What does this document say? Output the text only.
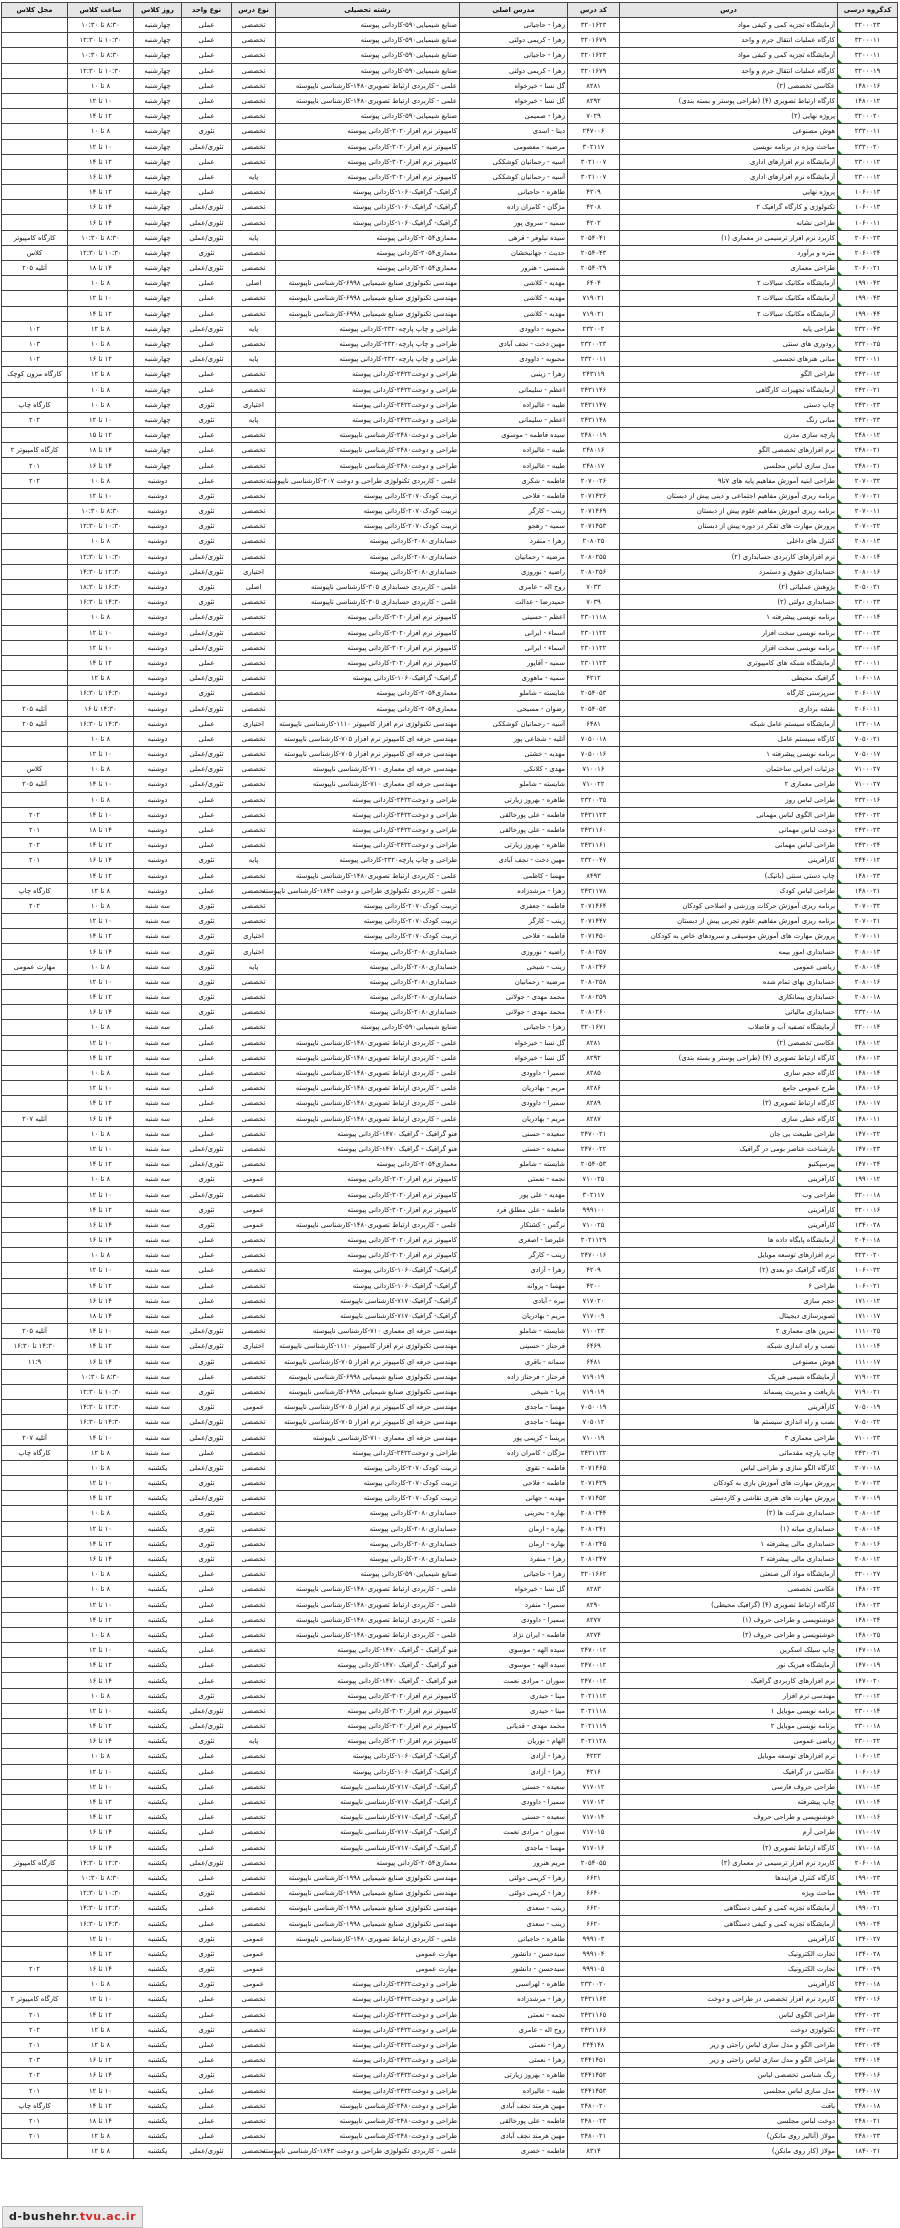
کدگروه درسی	درس	کد درس	مدرس اصلی	رشته تحصیلی	نوع درس	نوع واحد	روز کلاس	ساعت کلاس	محل کلاس
۳۲۰۰۰۲۳	آزمایشگاه تجزیه کمی و کیفی مواد	۳۲۰۱۶۲۳	زهرا - حاجیانی	صنایع شیمیایی۵۹۰-کاردانی پیوسته	تخصصی	عملی	چهارشنبه	۸:۳۰ تا ۱۰:۳۰	
۳۲۰۰۰۱۱	کارگاه عملیات انتقال جرم و واحد	۳۲۰۱۶۷۹	زهرا - کریمی دولتی	صنایع شیمیایی۵۹۰-کاردانی پیوسته	تخصصی	عملی	چهارشنبه	۱۰:۳۰ تا ۱۲:۳۰	
۳۲۰۰۰۱۱	آزمایشگاه تجزیه کمی و کیفی مواد	۳۲۰۱۶۲۳	زهرا - حاجیانی	صنایع شیمیایی۵۹۰-کاردانی پیوسته	تخصصی	عملی	چهارشنبه	۸:۳۰ تا ۱۰:۳۰	
۳۲۰۰۰۱۹	کارگاه عملیات انتقال جرم و واحد	۳۲۰۱۶۷۹	زهرا - کریمی دولتی	صنایع شیمیایی۵۹۰-کاردانی پیوسته	تخصصی	عملی	چهارشنبه	۱۰:۳۰ تا ۱۲:۳۰	
۱۴۸۰۰۱۶	عکاسی تخصصی (۲)	۸۲۸۱	گل نسا - خیرخواه	علمی - کاربردی ارتباط تصویری۱۴۸۰-کارشناسی ناپیوسته	تخصصی	عملی	چهارشنبه	۸ تا ۱۰	
۱۴۸۰۰۱۲	کارگاه ارتباط تصویری (۴) (طراحی پوستر و بسته بندی)	۸۲۹۲	گل نسا - خیرخواه	علمی - کاربردی ارتباط تصویری۱۴۸۰-کارشناسی ناپیوسته	تخصصی	عملی	چهارشنبه	۱۰ تا ۱۲	
۳۲۰۰۰۲۰	پروژه نهایی (۲)	۷۰۲۹	زهرا - صمیمی	صنایع شیمیایی۵۹۰-کاردانی پیوسته	تخصصی	عملی	چهارشنبه	۱۲ تا ۱۴	
۲۳۳۰۰۱۱	هوش مصنوعی	۲۴۷۰۰۶	دینا - اسدی	کامپیوتر نرم افزار۳۰۲۰-کاردانی پیوسته	تخصصی	تئوری	چهارشنبه	۸ تا ۱۰	
۲۳۳۰۰۲۰	مباحث ویژه در برنامه نویسی	۳۰۲۱۱۷	مرضیه - معصومی	کامپیوتر نرم افزار۳۰۲۰-کاردانی پیوسته	تخصصی	تئوری/عملی	چهارشنبه	۱۰ تا ۱۲	
۲۳۰۰۰۱۲	آزمایشگاه نرم افزارهای اداری	۳۰۲۱۰۰۷	آسیه - رحمانیان کوشککی	کامپیوتر نرم افزار۳۰۲۰-کاردانی پیوسته	تخصصی	عملی	چهارشنبه	۱۲ تا ۱۴	
۲۳۰۰۰۱۲	آزمایشگاه نرم افزارهای اداری	۳۰۲۱۰۰۷	آسیه - رحمانیان کوشککی	کامپیوتر نرم افزار۳۰۲۰-کاردانی پیوسته	پایه	عملی	چهارشنبه	۱۴ تا ۱۶	
۱۰۶۰۰۱۳	پروژه نهایی	۴۲۰۹	طاهره - حاجیانی	گرافیک- گرافیک۱۰۶۰-کاردانی پیوسته	تخصصی	عملی	چهارشنبه	۱۲ تا ۱۴	
۱۰۶۰۰۱۳	تکنولوژی و کارگاه گرافیک ۲	۴۲۰۸	مژگان - کامران زاده	گرافیک- گرافیک۱۰۶۰-کاردانی پیوسته	تخصصی	تئوری/عملی	چهارشنبه	۱۴ تا ۱۶	
۱۰۶۰۰۱۱	طراحی نشانه	۴۲۰۲	سمیه - سروی پور	گرافیک- گرافیک۱۰۶۰-کاردانی پیوسته	تخصصی	تئوری/عملی	چهارشنبه	۱۴ تا ۱۶	
۲۰۶۰۰۲۳	کاربرد نرم افزار ترسیمی در معماری (۱)	۲۰۵۴۰۴۱	سیده نیلوفر - قرهی	معماری۲۰۵۴-کاردانی پیوسته	پایه	تئوری/عملی	چهارشنبه	۸:۳۰ تا ۱۰:۳۰	کارگاه کامپیوتر
۲۰۶۰۰۲۴	متره و برآورد	۲۰۵۴۰۴۳	حدیث - جهانبخشان	معماری۲۰۵۴-کاردانی پیوسته	تخصصی	تئوری	چهارشنبه	۱۰:۳۰ تا ۱۲:۳۰	کلاس
۲۰۶۰۰۲۱	طراحی معماری	۲۰۵۴۰۲۹	شمسی - هنرور	معماری۲۰۵۴-کاردانی پیوسته	تخصصی	تئوری/عملی	چهارشنبه	۱۴ تا ۱۸	آتلیه ۲۰۵
۱۹۹۰۰۴۲	آزمایشگاه مکانیک سیالات ۲	۶۴۰۴	مهدیه - کلاشی	مهندسی تکنولوژی صنایع شیمیایی ۶۹۹۸-کارشناسی ناپیوسته	اصلی	عملی	چهارشنبه	۸ تا ۱۰	
۱۹۹۰۰۴۳	آزمایشگاه مکانیک سیالات ۲	۷۱۹۰۲۱	مهدیه - کلاشی	مهندسی تکنولوژی صنایع شیمیایی ۶۹۹۸-کارشناسی ناپیوسته	تخصصی	عملی	چهارشنبه	۱۰ تا ۱۲	
۱۹۹۰۰۴۴	آزمایشگاه مکانیک سیالات ۲	۷۱۹۰۲۱	مهدیه - کلاشی	مهندسی تکنولوژی صنایع شیمیایی ۶۹۹۸-کارشناسی ناپیوسته	تخصصی	عملی	چهارشنبه	۱۲ تا ۱۴	
۲۳۲۰۰۴۳	طراحی پایه	۲۳۲۰۰۲	محبوبه - داوودی	طراحی و چاپ پارچه۲۳۲۰-کاردانی پیوسته	پایه	تئوری/عملی	چهارشنبه	۸ تا ۱۲	۱۰۲
۲۳۲۰۰۲۵	رودوزی های سنتی	۲۳۲۰۰۲۳	مهین دخت - نجف آبادی	طراحی و چاپ پارچه۲۳۲۰-کاردانی پیوسته	تخصصی	عملی	چهارشنبه	۸ تا ۱۰	۱۰۳
۲۳۲۰۰۱۱	مبانی هنرهای تجسمی	۲۳۲۰۰۱۱	محبوبه - داوودی	طراحی و چاپ پارچه۲۳۲۰-کاردانی پیوسته	پایه	تئوری/عملی	چهارشنبه	۱۲ تا ۱۶	۱۰۲
۲۴۳۰۰۱۲	طراحی الگو	۲۴۳۱۱۹	زهرا - زینبی	طراحی و دوخت۲۴۳۲-کاردانی پیوسته	تخصصی	عملی	چهارشنبه	۸ تا ۱۲	کارگاه مزون کوچک
۲۴۲۰۰۲۱	آزمایشگاه تجهیزات کارگاهی	۲۴۳۱۱۴۶	اعظم - سلیمانی	طراحی و دوخت۲۴۳۲-کاردانی پیوسته	تخصصی	عملی	چهارشنبه	۸ تا ۱۰	
۲۴۳۰۰۲۳	چاپ دستی	۲۴۳۱۱۴۷	طیبه - عالیزاده	طراحی و دوخت۲۴۳۲-کاردانی پیوسته	اختیاری	تئوری	چهارشنبه	۸ تا ۱۰	کارگاه چاپ
۲۴۳۰۰۲۳	مبانی رنگ	۲۴۳۱۱۴۸	اعظم - سلیمانی	طراحی و دوخت۲۴۳۲-کاردانی پیوسته	پایه	تئوری	چهارشنبه	۱۰ تا ۱۲	۲۰۲
۲۴۸۰۰۱۲	پارچه سازی مدرن	۲۴۸۰۰۱۹	سیده فاطمه - موسوی	طراحی و دوخت۲۴۸۰-کارشناسی ناپیوسته	تخصصی	عملی	چهارشنبه	۱۲ تا ۱۵	
۲۴۸۰۰۲۱	نرم افزارهای تخصصی الگو	۲۴۸۰۱۶	طیبه - عالیزاده	طراحی و دوخت۲۴۸۰-کارشناسی ناپیوسته	تخصصی	عملی	چهارشنبه	۱۴ تا ۱۸	کارگاه کامپیوتر ۲
۲۴۸۰۰۲۱	مدل سازی لباس مجلسی	۲۴۸۰۱۷	طیبه - عالیزاده	طراحی و دوخت۲۴۸۰-کارشناسی ناپیوسته	تخصصی	عملی	چهارشنبه	۱۴ تا ۱۶	۲۰۱
۲۰۷۰۰۳۲	طراحی ابنیه آموزش مفاهیم پایه های ۷تا۹	۲۰۷۰۰۲۶	فاطمه - شکری	علمی - کاربردی تکنولوژی طراحی و دوخت ۲۰۷-کارشناسی ناپیوسته	تخصصی	عملی	دوشنبه	۸ تا ۱۰	۲۰۲
۲۰۷۰۰۲۱	برنامه ریزی آموزش مفاهیم اجتماعی و دینی پیش از دبستان	۲۰۷۱۴۳۶	فاطمه - فلاحی	تربیت کودک۲۰۷۰-کاردانی پیوسته	تخصصی	تئوری	دوشنبه	۱۰ تا ۱۲	
۲۰۷۰۰۱۱	برنامه ریزی آموزش مفاهیم علوم پیش از دبستان	۲۰۷۱۴۶۹	زینب - کارگر	تربیت کودک۲۰۷۰-کاردانی پیوسته	تخصصی	تئوری	دوشنبه	۸:۳۰ تا ۱۰:۳۰	
۲۰۷۰۰۲۲	پرورش مهارت های تفکر در دوره پیش از دبستان	۲۰۷۱۴۵۳	سمیه - رهجو	تربیت کودک۲۰۷۰-کاردانی پیوسته	تخصصی	تئوری	دوشنبه	۱۰:۳۰ تا ۱۲:۳۰	
۲۰۸۰۰۱۳	کنترل های داخلی	۲۰۸۰۲۵	زهرا - منفرد	حسابداری۲۰۸۰-کاردانی پیوسته	تخصصی	تئوری	دوشنبه	۸ تا ۱۰	
۲۰۸۰۰۱۴	نرم افزارهای کاربردی حسابداری (۲)	۲۰۸۰۲۵۵	مرضیه - رحمانیان	حسابداری۲۰۸۰-کاردانی پیوسته	تخصصی	تئوری/عملی	دوشنبه	۱۰:۳۰ تا ۱۲:۳۰	
۲۰۸۰۰۱۶	حسابداری حقوق و دستمزد	۲۰۸۰۲۵۶	راضیه - نوروزی	حسابداری۲۰۸۰-کاردانی پیوسته	اختیاری	تئوری/عملی	دوشنبه	۱۲:۳۰ تا ۱۴:۳۰	
۳۰۵۰۰۳۱	پژوهش عملیاتی (۲)	۷۰۳۳	روح اله - عامری	علمی - کاربردی حسابداری ۳۰۵-کارشناسی ناپیوسته	اصلی	تئوری	دوشنبه	۱۶:۳۰ تا ۱۸:۳۰	
۲۳۰۰۰۲۳	حسابداری دولتی (۲)	۷۰۳۹	حمیدرضا - عدالت	علمی - کاربردی حسابداری ۳۰۵-کارشناسی ناپیوسته	تخصصی	تئوری	دوشنبه	۱۴:۳۰ تا ۱۶:۳۰	
۲۳۰۰۰۱۴	برنامه نویسی پیشرفته ۱	۲۳۰۱۱۱۸	اعظم - حسینی	کامپیوتر نرم افزار۳۰۲۰-کاردانی پیوسته	تخصصی	تئوری/عملی	دوشنبه	۸ تا ۱۰	
۲۳۰۰۰۲۲	برنامه نویسی سخت افزار	۲۳۰۱۱۲۲	اسماء - ایرانی	کامپیوتر نرم افزار۳۰۲۰-کاردانی پیوسته	تخصصی	تئوری/عملی	دوشنبه	۱۰ تا ۱۲	
۲۳۰۰۰۱۳	برنامه نویسی سخت افزار	۲۳۰۱۱۲۲	اسماء - ایرانی	کامپیوتر نرم افزار۳۰۲۰-کاردانی پیوسته	تخصصی	تئوری/عملی	دوشنبه	۱۰ تا ۱۲	
۲۳۰۰۰۱۱	آزمایشگاه شبکه های کامپیوتری	۲۳۰۱۱۲۳	سمیه - آقاپور	کامپیوتر نرم افزار۳۰۲۰-کاردانی پیوسته	تخصصی	عملی	دوشنبه	۱۲ تا ۱۴	
۱۰۶۰۰۱۸	گرافیک محیطی	۴۲۱۲	سمیه - ماهوری	گرافیک- گرافیک۱۰۶۰-کاردانی پیوسته	تخصصی	تئوری/عملی	دوشنبه	۸ تا ۱۲	
۲۰۶۰۰۱۷	سرپرستی کارگاه	۲۰۵۴۰۵۳	شایسته - شاملو	معماری۲۰۵۴-کاردانی پیوسته	تخصصی	تئوری	دوشنبه	۱۴:۳۰ تا ۱۶:۳۰	
۲۰۶۰۰۱۱	نقشه برداری	۲۰۵۴۰۵۳	رضوان - مسیحی	معماری۲۰۵۴-کاردانی پیوسته	تخصصی	تئوری/عملی	دوشنبه	۱۴:۳۰ تا ۱۶	آتلیه ۲۰۵
۱۲۳۰۰۱۸	آزمایشگاه سیستم عامل شبکه	۶۴۸۱	آسیه - رحمانیان کوشککی	مهندسی تکنولوژی نرم افزار کامپیوتر ۱۱۱۰-کارشناسی ناپیوسته	اختیاری	عملی	دوشنبه	۱۴:۳۰ تا ۱۶:۳۰	آتلیه ۲۰۵
۷۰۵۰۰۲۱	کارگاه سیستم عامل	۷۰۵۰۰۱۸	آتلیه - شجاعی پور	مهندسی حرفه ای کامپیوتر نرم افزار ۷۰۵-کارشناسی ناپیوسته	تخصصی	عملی	دوشنبه	۸ تا ۱۰	
۷۰۵۰۰۱۷	برنامه نویسی پیشرفته ۱	۷۰۵۰۰۱۶	مهدیه - خشتی	مهندسی حرفه ای کامپیوتر نرم افزار ۷۰۵-کارشناسی ناپیوسته	تخصصی	تئوری/عملی	دوشنبه	۱۰ تا ۱۲	
۷۱۰۰۰۲۷	جزئیات اجرایی ساختمان	۷۱۰۰۱۶	مهدی - کلانکی	مهندسی حرفه ای معماری ۷۱۰-کارشناسی ناپیوسته	تخصصی	تئوری/عملی	دوشنبه	۸ تا ۱۰	کلاس
۷۱۰۰۰۲۷	طراحی معماری ۲	۷۱۰۰۲۲	شایسته - شاملو	مهندسی حرفه ای معماری ۷۱۰-کارشناسی ناپیوسته	تخصصی	تئوری/عملی	دوشنبه	۱۰ تا ۱۴	آتلیه ۲۰۵
۲۳۲۰۰۱۶	طراحی لباس روز	۲۳۲۰۰۳۵	طاهره - بهروز زیارتی	طراحی و دوخت۲۴۳۲-کاردانی پیوسته	تخصصی	عملی	دوشنبه	۸ تا ۱۰	
۲۴۳۰۰۲۲	طراحی الگوی لباس مهمانی	۲۴۳۱۱۲۳	فاطمه - علی پورخالقی	طراحی و دوخت۲۴۳۲-کاردانی پیوسته	تخصصی	عملی	دوشنبه	۱۰ تا ۱۴	۲۰۲
۲۴۳۰۰۲۳	دوخت لباس مهمانی	۲۴۳۱۱۶۰	فاطمه - علی پورخالقی	طراحی و دوخت۲۴۳۲-کاردانی پیوسته	تخصصی	عملی	دوشنبه	۱۴ تا ۱۸	۲۰۱
۲۴۳۰۰۲۴	طراحی لباس مهمانی	۲۴۳۱۱۶۱	طاهره - بهروز زیارتی	طراحی و دوخت۲۴۳۲-کاردانی پیوسته	تخصصی	عملی	دوشنبه	۱۲ تا ۱۴	۲۰۲
۲۴۴۰۰۱۲	کارآفرینی	۲۳۲۰۰۴۷	مهین دخت - نجف آبادی	طراحی و چاپ پارچه۲۳۲۰-کاردانی پیوسته	پایه	تئوری	دوشنبه	۱۴ تا ۱۶	۲۰۱
۱۴۸۰۰۲۳	چاپ دستی سنتی (باتیک)	۸۴۹۳	مهسا - کاظمی	علمی - کاربردی ارتباط تصویری۱۴۸۰-کارشناسی ناپیوسته	تخصصی	عملی	دوشنبه	۱۲ تا ۱۴	
۱۴۸۰۰۲۱	طراحی لباس کودک	۲۴۳۱۱۷۸	زهرا - مرشدزاده	علمی - کاربردی تکنولوژی طراحی و دوخت ۱۸۴۳-کارشناسی ناپیوسته	تخصصی	عملی	دوشنبه	۸ تا ۱۲	کارگاه چاپ
۲۰۷۰۰۳۲	برنامه ریزی آموزش حرکات ورزشی و اصلاحی کودکان	۲۰۷۱۴۶۴	فاطمه - جعفری	تربیت کودک۲۰۷۰-کاردانی پیوسته	تخصصی	تئوری	سه شنبه	۸ تا ۱۰	۲۰۲
۲۰۷۰۰۲۱	برنامه ریزی آموزش مفاهیم علوم تجربی پیش از دبستان	۲۰۷۱۴۴۷	زینب - کارگر	تربیت کودک۲۰۷۰-کاردانی پیوسته	تخصصی	تئوری	سه شنبه	۱۰ تا ۱۲	
۲۰۷۰۰۱۱	پرورش مهارت های آموزش موسیقی و سرودهای خاص به کودکان	۲۰۷۱۴۵۰	فاطمه - فلاحی	تربیت کودک۲۰۷۰-کاردانی پیوسته	اختیاری	تئوری	سه شنبه	۱۲ تا ۱۴	
۲۰۸۰۰۱۳	حسابداری امور بیمه	۲۰۸۰۲۵۷	راضیه - نوروزی	حسابداری۲۰۸۰-کاردانی پیوسته	اختیاری	تئوری	سه شنبه	۱۴ تا ۱۶	
۲۰۸۰۰۱۴	ریاضی عمومی	۲۰۸۰۲۴۶	زینب - شیخی	حسابداری۲۰۸۰-کاردانی پیوسته	پایه	تئوری	سه شنبه	۸ تا ۱۰	مهارت عمومی
۲۰۸۰۰۱۶	حسابداری بهای تمام شده	۲۰۸۰۲۵۸	مرضیه - رحمانیان	حسابداری۲۰۸۰-کاردانی پیوسته	تخصصی	تئوری	سه شنبه	۱۰ تا ۱۲	
۲۰۸۰۰۱۸	حسابداری پیمانکاری	۲۰۸۰۲۵۹	محمد مهدی - جولانی	حسابداری۲۰۸۰-کاردانی پیوسته	تخصصی	تئوری	سه شنبه	۱۲ تا ۱۴	
۲۳۲۰۰۱۸	حسابداری مالیاتی	۲۰۸۰۲۶۰	محمد مهدی - جولانی	حسابداری۲۰۸۰-کاردانی پیوسته	تخصصی	تئوری	سه شنبه	۱۴ تا ۱۶	
۳۲۰۰۰۱۴	آزمایشگاه تصفیه آب و فاضلاب	۳۲۰۱۶۷۱	زهرا - حاجیانی	صنایع شیمیایی۵۹۰-کاردانی پیوسته	تخصصی	عملی	سه شنبه	۸ تا ۱۰	
۱۴۸۰۰۱۲	عکاسی تخصصی (۲)	۸۲۸۱	گل نسا - خیرخواه	علمی - کاربردی ارتباط تصویری۱۴۸۰-کارشناسی ناپیوسته	تخصصی	عملی	سه شنبه	۱۰ تا ۱۲	
۱۴۸۰۰۱۳	کارگاه ارتباط تصویری (۴) (طراحی پوستر و بسته بندی)	۸۲۹۲	گل نسا - خیرخواه	علمی - کاربردی ارتباط تصویری۱۴۸۰-کارشناسی ناپیوسته	تخصصی	عملی	سه شنبه	۱۲ تا ۱۴	
۱۴۸۰۰۱۴	کارگاه حجم سازی	۸۲۸۵	سمیرا - داوودی	علمی - کاربردی ارتباط تصویری۱۴۸۰-کارشناسی ناپیوسته	تخصصی	عملی	سه شنبه	۸ تا ۱۰	
۱۴۸۰۰۱۶	طرح عمومی جامع	۸۲۸۶	مریم - بهادریان	علمی - کاربردی ارتباط تصویری۱۴۸۰-کارشناسی ناپیوسته	تخصصی	عملی	سه شنبه	۱۰ تا ۱۲	
۱۴۸۰۰۱۷	کارگاه ارتباط تصویری (۳)	۸۲۸۹	سمیرا - داوودی	علمی - کاربردی ارتباط تصویری۱۴۸۰-کارشناسی ناپیوسته	تخصصی	عملی	سه شنبه	۱۲ تا ۱۴	
۱۴۸۰۰۱۱	کارگاه خطی سازی	۸۲۸۷	مریم - بهادریان	علمی - کاربردی ارتباط تصویری۱۴۸۰-کارشناسی ناپیوسته	تخصصی	عملی	سه شنبه	۱۴ تا ۱۶	آتلیه ۲۰۷
۱۴۷۰۰۲۲	طراحی طبیعت بی جان	۲۴۷۰۰۲۱	سعیده - حسنی	فنو گرافیک - گرافیک ۱۴۷۰-کاردانی پیوسته	تخصصی	عملی	سه شنبه	۸ تا ۱۰	
۱۴۷۰۰۲۳	بازشناخت عناصر بومی در گرافیک	۲۴۷۰۰۲۲	سعیده - حسنی	فنو گرافیک - گرافیک ۱۴۷۰-کاردانی پیوسته	تخصصی	تئوری/عملی	سه شنبه	۱۰ تا ۱۲	
۱۴۷۰۰۲۴	پیرسپکتیو	۲۰۵۴۰۵۳	شایسته - شاملو	معماری۲۰۵۴-کاردانی پیوسته	تخصصی	تئوری/عملی	سه شنبه	۱۲ تا ۱۴	
۱۹۹۰۰۱۲	کارآفرینی	۷۱۰۰۲۵	نجمه - نعمتی	کامپیوتر نرم افزار۳۰۲۰-کاردانی پیوسته	عمومی	تئوری	سه شنبه	۸ تا ۱۰	
۳۲۰۰۰۱۸	طراحی وب	۳۰۲۱۱۷	مهدیه - علی پور	کامپیوتر نرم افزار۳۰۲۰-کاردانی پیوسته	تخصصی	تئوری/عملی	سه شنبه	۱۰ تا ۱۲	
۳۲۰۰۰۱۶	کارآفرینی	۹۹۹۱۰۰	فاطمه - علی مطلق فرد	کامپیوتر نرم افزار۳۰۲۰-کاردانی پیوسته	عمومی	تئوری	سه شنبه	۱۲ تا ۱۴	
۱۳۴۰۰۲۸	کارآفرینی	۷۱۰۰۲۵	نرگس - کشتکار	علمی - کاربردی ارتباط تصویری۱۴۸۰-کارشناسی ناپیوسته	عمومی	تئوری	سه شنبه	۱۴ تا ۱۶	
۲۰۴۰۰۱۸	آزمایشگاه پایگاه داده ها	۳۰۲۱۱۲۹	علیرضا - اصغری	کامپیوتر نرم افزار۳۰۲۰-کاردانی پیوسته	تخصصی	عملی	سه شنبه	۱۴ تا ۱۶	
۳۲۳۰۰۲۰	نرم افزارهای توسعه موبایل	۲۴۷۰۰۱۶	زینب - کارگر	کامپیوتر نرم افزار۳۰۲۰-کاردانی پیوسته	تخصصی	عملی	سه شنبه	۸ تا ۱۰	
۱۰۶۰۰۳۲	کارگاه گرافیک دو بعدی (۲)	۴۲۰۹	زهرا - آزادی	گرافیک- گرافیک۱۰۶۰-کاردانی پیوسته	تخصصی	عملی	سه شنبه	۱۰ تا ۱۲	
۱۰۶۰۰۲۱	طراحی ۶	۴۲۰۰	مهسا - پروانه	گرافیک- گرافیک۱۰۶۰-کاردانی پیوسته	تخصصی	عملی	سه شنبه	۱۲ تا ۱۴	
۱۷۱۰۰۱۲	حجم سازی	۷۱۷۰۲۰	نیره - آبادی	گرافیک- گرافیک۷۱۷۰-کارشناسی ناپیوسته	تخصصی	عملی	سه شنبه	۱۴ تا ۱۶	
۱۷۱۰۰۱۷	تصویرسازی دیجیتال	۷۱۷۰۰۹	مریم - بهادریان	گرافیک- گرافیک۷۱۷۰-کارشناسی ناپیوسته	تخصصی	عملی	سه شنبه	۱۴ تا ۱۸	
۱۱۱۰۰۲۵	تمرین های معماری ۲	۷۱۰۰۲۳	شایسته - شاملو	مهندسی حرفه ای معماری ۷۱۰-کارشناسی ناپیوسته	تخصصی	تئوری/عملی	سه شنبه	۱۰ تا ۱۴	آتلیه ۲۰۵
۱۱۱۰۰۱۴	نصب و راه اندازی شبکه	۶۴۶۹	فرحناز - حسینی	مهندسی تکنولوژی نرم افزار کامپیوتر ۱۱۱۰-کارشناسی ناپیوسته	اختیاری	تئوری/عملی	سه شنبه	۱۲ تا ۱۴	۱۴:۳۰ تا ۱۶:۳۰
۱۱۱۰۰۱۷	هوش مصنوعی	۶۴۸۱	سمانه - باقری	مهندسی حرفه ای کامپیوتر نرم افزار ۷۰۵-کارشناسی ناپیوسته	تخصصی	تئوری	سه شنبه	۱۴ تا ۱۶	۱۱:۹
۷۱۹۰۰۲۲	آزمایشگاه شیمی فیزیک	۷۱۹۰۱۹	فرحناز - فرحناز زاده	مهندسی تکنولوژی صنایع شیمیایی ۶۹۹۸-کارشناسی ناپیوسته	تخصصی	عملی	سه شنبه	۸:۳۰ تا ۱۰:۳۰	
۷۱۹۰۰۲۱	بازیافت و مدیریت پسماند	۷۱۹۰۱۹	پریا - شیخی	مهندسی تکنولوژی صنایع شیمیایی ۶۹۹۸-کارشناسی ناپیوسته	تخصصی	تئوری	سه شنبه	۱۰:۳۰ تا ۱۲:۳۰	
۷۰۵۰۰۱۹	کارآفرینی	۷۰۵۰۰۱۹	مهسا - ماجدی	مهندسی حرفه ای کامپیوتر نرم افزار ۷۰۵-کارشناسی ناپیوسته	عمومی	تئوری	سه شنبه	۱۲:۳۰ تا ۱۴:۳۰	
۷۰۵۰۰۲۲	نصب و راه اندازی سیستم ها	۷۰۵۰۱۲	مهسا - ماجدی	مهندسی حرفه ای کامپیوتر نرم افزار ۷۰۵-کارشناسی ناپیوسته	تخصصی	تئوری/عملی	سه شنبه	۱۴:۳۰ تا ۱۶:۳۰	
۷۱۰۰۰۲۳	طراحی معماری ۳	۷۱۰۰۱۹	پریسا - کریمی پور	مهندسی حرفه ای معماری ۷۱۰-کارشناسی ناپیوسته	تخصصی	تئوری/عملی	سه شنبه	۱۰ تا ۱۴	آتلیه ۲۰۷
۲۴۳۰۰۲۱	چاپ پارچه مقدماتی	۲۴۳۱۱۳۲	مژگان - کامران زاده	طراحی و دوخت۲۴۳۲-کاردانی پیوسته	تخصصی	عملی	سه شنبه	۸ تا ۱۲	کارگاه چاپ
۲۰۷۰۰۱۸	کارگاه الگو سازی و طراحی لباس	۲۰۷۱۴۶۵	فاطمه - نقوی	تربیت کودک۲۰۷۰-کاردانی پیوسته	تخصصی	تئوری/عملی	یکشنبه	۸ تا ۱۰	
۲۰۷۰۰۲۳	پرورش مهارت های آموزش بازی به کودکان	۲۰۷۱۴۳۹	فاطمه - فلاحی	تربیت کودک۲۰۷۰-کاردانی پیوسته	تخصصی	تئوری	یکشنبه	۱۰ تا ۱۲	
۲۰۷۰۰۱۹	پرورش مهارت های هنری نقاشی و کاردستی	۲۰۷۱۴۵۲	مهدیه - جهانی	تربیت کودک۲۰۷۰-کاردانی پیوسته	تخصصی	تئوری/عملی	یکشنبه	۱۲ تا ۱۴	
۲۰۸۰۰۱۳	حسابداری شرکت ها (۲)	۲۰۸۰۲۴۴	بهاره - بحرینی	حسابداری۲۰۸۰-کاردانی پیوسته	تخصصی	تئوری	یکشنبه	۸ تا ۱۰	
۲۰۸۰۰۱۴	حسابداری میانه (۱)	۲۰۸۰۲۴۱	بهاره - ارمان	حسابداری۲۰۸۰-کاردانی پیوسته	تخصصی	تئوری	یکشنبه	۱۰ تا ۱۲	
۲۰۸۰۰۱۶	حسابداری مالی پیشرفته ۱	۲۰۸۰۲۴۵	بهاره - ارمان	حسابداری۲۰۸۰-کاردانی پیوسته	تخصصی	تئوری	یکشنبه	۱۲ تا ۱۴	
۲۰۸۰۰۱۲	حسابداری مالی پیشرفته ۲	۲۰۸۰۲۴۷	زهرا - منفرد	حسابداری۲۰۸۰-کاردانی پیوسته	تخصصی	تئوری	یکشنبه	۱۴ تا ۱۶	
۳۲۰۰۰۲۷	آزمایشگاه مواد آلی صنعتی	۳۲۰۱۶۶۲	زهرا - حاجیانی	صنایع شیمیایی۵۹۰-کاردانی پیوسته	تخصصی	عملی	یکشنبه	۸ تا ۱۰	
۱۴۸۰۰۲۲	عکاسی تخصصی	۸۲۸۳	گل نسا - خیرخواه	علمی - کاربردی ارتباط تصویری۱۴۸۰-کارشناسی ناپیوسته	تخصصی	عملی	یکشنبه	۸ تا ۱۰	
۱۴۸۰۰۲۳	کارگاه ارتباط تصویری (۴) (گرافیک محیطی)	۸۲۹۰	سمیرا - منفرد	علمی - کاربردی ارتباط تصویری۱۴۸۰-کارشناسی ناپیوسته	تخصصی	عملی	یکشنبه	۱۰ تا ۱۲	
۱۴۸۰۰۲۴	خوشنویسی و طراحی حروف (۱)	۸۲۷۷	سمیرا - داوودی	علمی - کاربردی ارتباط تصویری۱۴۸۰-کارشناسی ناپیوسته	تخصصی	عملی	یکشنبه	۱۲ تا ۱۴	
۱۴۸۰۰۲۵	خوشنویسی و طراحی حروف (۲)	۸۲۷۴	فاطمه - ایران نژاد	علمی - کاربردی ارتباط تصویری۱۴۸۰-کارشناسی ناپیوسته	تخصصی	عملی	یکشنبه	۸ تا ۱۰	
۱۴۷۰۰۱۸	چاپ سیلک اسکرین	۲۴۷۰۰۱۲	سیده الهه - موسوی	فنو گرافیک - گرافیک ۱۴۷۰-کاردانی پیوسته	تخصصی	عملی	یکشنبه	۱۰ تا ۱۲	
۱۴۷۰۰۱۹	آزمایشگاه فیزیک نور	۲۴۷۰۰۱۲	سیده الهه - موسوی	فنو گرافیک - گرافیک ۱۴۷۰-کاردانی پیوسته	تخصصی	عملی	یکشنبه	۱۲ تا ۱۴	
۱۴۷۰۰۲۰	نرم افزارهای کاربردی گرافیک	۲۴۷۰۰۱۳	سوران - مرادی نعمت	فنو گرافیک - گرافیک ۱۴۷۰-کاردانی پیوسته	تخصصی	عملی	یکشنبه	۱۴ تا ۱۶	
۲۳۰۰۰۱۲	مهندسی نرم افزار	۳۰۲۱۱۱۲	مینا - حیدری	کامپیوتر نرم افزار۳۰۲۰-کاردانی پیوسته	تخصصی	تئوری	یکشنبه	۸ تا ۱۰	
۲۳۰۰۰۱۴	برنامه نویسی موبایل ۱	۳۰۲۱۱۱۸	مینا - حیدری	کامپیوتر نرم افزار۳۰۲۰-کاردانی پیوسته	تخصصی	تئوری/عملی	یکشنبه	۱۰ تا ۱۲	
۲۳۰۰۰۱۸	برنامه نویسی موبایل ۲	۳۰۲۱۱۱۹	محمد مهدی - قدیانی	کامپیوتر نرم افزار۳۰۲۰-کاردانی پیوسته	تخصصی	تئوری/عملی	یکشنبه	۱۲ تا ۱۴	
۲۳۰۰۰۲۲	ریاضی عمومی	۳۰۲۱۱۲۸	الهام - نوریان	کامپیوتر نرم افزار۳۰۲۰-کاردانی پیوسته	پایه	تئوری	یکشنبه	۱۴ تا ۱۶	
۱۰۶۰۰۱۳	نرم افزارهای توسعه موبایل	۴۲۲۳	زهرا - آزادی	گرافیک- گرافیک۱۰۶۰-کاردانی پیوسته	تخصصی	عملی	یکشنبه	۸ تا ۱۰	
۱۰۶۰۰۱۶	عکاسی در گرافیک	۴۲۱۶	زهرا - آزادی	گرافیک- گرافیک۱۰۶۰-کاردانی پیوسته	تخصصی	عملی	یکشنبه	۱۰ تا ۱۲	
۱۷۱۰۰۱۳	طراحی حروف فارسی	۷۱۷۰۱۲	سعیده - حسنی	گرافیک- گرافیک۷۱۷۰-کارشناسی ناپیوسته	تخصصی	عملی	یکشنبه	۱۰ تا ۱۲	
۱۷۱۰۰۱۴	چاپ پیشرفته	۷۱۷۰۱۳	سمیرا - داوودی	گرافیک- گرافیک۷۱۷۰-کارشناسی ناپیوسته	تخصصی	عملی	یکشنبه	۱۲ تا ۱۴	
۱۷۱۰۰۱۶	خوشنویسی و طراحی حروف	۷۱۷۰۱۴	سعیده - حسنی	گرافیک- گرافیک۷۱۷۰-کارشناسی ناپیوسته	تخصصی	عملی	یکشنبه	۱۲ تا ۱۴	
۱۷۱۰۰۱۷	طراحی آرم	۷۱۷۰۱۵	سوران - مرادی نعمت	گرافیک- گرافیک۷۱۷۰-کارشناسی ناپیوسته	تخصصی	عملی	یکشنبه	۱۴ تا ۱۶	
۱۷۱۰۰۱۸	کارگاه ارتباط تصویری (۲)	۷۱۷۰۱۶	مهسا - ماجدی	گرافیک- گرافیک۷۱۷۰-کارشناسی ناپیوسته	تخصصی	عملی	یکشنبه	۱۴ تا ۱۶	
۲۰۶۰۰۱۸	کاربرد نرم افزار ترسیمی در معماری (۲)	۲۰۵۴۰۵۵	مریم هنرور	معماری۲۰۵۴-کاردانی پیوسته	تخصصی	تئوری/عملی	یکشنبه	۱۲:۳۰ تا ۱۴:۳۰	کارگاه کامپیوتر
۱۹۹۰۰۲۳	کارگاه کنترل فرایندها	۶۶۲۱	زهرا - کریمی دولتی	مهندسی تکنولوژی صنایع شیمیایی ۱۹۹۸-کارشناسی ناپیوسته	تخصصی	عملی	یکشنبه	۸:۳۰ تا ۱۰:۳۰	
۱۹۹۰۰۲۲	مباحث ویژه	۶۶۴۰	زهرا - کریمی دولتی	مهندسی تکنولوژی صنایع شیمیایی ۱۹۹۸-کارشناسی ناپیوسته	تخصصی	تئوری	یکشنبه	۱۰:۳۰ تا ۱۲:۳۰	
۱۹۹۰۰۲۱	آزمایشگاه تجزیه کمی و کیفی دستگاهی	۶۶۲۰	زینب - سعدی	مهندسی تکنولوژی صنایع شیمیایی ۱۹۹۸-کارشناسی ناپیوسته	تخصصی	عملی	یکشنبه	۱۲:۳۰ تا ۱۴:۳۰	
۱۹۹۰۰۲۴	آزمایشگاه تجزیه کمی و کیفی دستگاهی	۶۶۲۰	زینب - سعدی	مهندسی تکنولوژی صنایع شیمیایی ۱۹۹۸-کارشناسی ناپیوسته	تخصصی	عملی	یکشنبه	۱۴:۳۰ تا ۱۶:۳۰	
۱۳۴۰۰۲۷	کارآفرینی	۹۹۹۱۰۳	طاهره - حاجیانی	علمی - کاربردی ارتباط تصویری۱۴۸۰-کارشناسی ناپیوسته	عمومی	تئوری	یکشنبه	۱۰ تا ۱۲	
۱۳۴۰۰۲۸	تجارت الکترونیک	۹۹۹۱۰۴	سیدحسن - دانشور	مهارت عمومی	عمومی	تئوری	یکشنبه	۱۲ تا ۱۴	
۱۳۴۰۰۲۹	تجارت الکترونیک	۹۹۹۱۰۵	سیدحسن - دانشور	مهارت عمومی	عمومی	تئوری	یکشنبه	۱۴ تا ۱۶	۲۰۲
۲۴۲۰۰۱۸	کارآفرینی	۲۳۳۰۰۲۰	طاهره - لهراسبی	طراحی و دوخت۲۴۳۲-کاردانی پیوسته	عمومی	تئوری	یکشنبه	۸ تا ۱۰	
۲۴۲۰۰۱۶	کاربرد نرم افزار تخصصی در طراحی و دوخت	۲۴۳۱۱۶۳	زهرا - مرشدزاده	طراحی و دوخت۲۴۳۲-کاردانی پیوسته	تخصصی	عملی	یکشنبه	۱۰ تا ۱۲	کارگاه کامپیوتر ۲
۲۴۲۰۰۲۲	طراحی الگوی لباس	۲۴۳۱۱۶۵	نجمه - نعمتی	طراحی و دوخت۲۴۳۲-کاردانی پیوسته	تخصصی	عملی	یکشنبه	۱۲ تا ۱۴	۲۰۱
۲۴۲۰۰۲۳	تکنولوژی دوخت	۲۴۳۱۱۶۶	روح اله - عامری	طراحی و دوخت۲۴۳۲-کاردانی پیوسته	تخصصی	تئوری	یکشنبه	۸ تا ۱۲	۲۰۲
۲۴۲۰۰۲۴	طراحی الگو و مدل سازی لباس راحتی و زیر	۲۴۴۱۴۸	زهرا - نعمتی	طراحی و دوخت۲۴۳۲-کاردانی پیوسته	تخصصی	عملی	یکشنبه	۸ تا ۱۲	۲۰۱
۲۴۴۰۰۱۴	طراحی الگو و مدل سازی لباس راحتی و زیر	۲۴۴۱۴۵۱	زهرا - نعمتی	طراحی و دوخت۲۴۳۲-کاردانی پیوسته	تخصصی	عملی	یکشنبه	۱۲ تا ۱۶	۲۰۳
۲۴۴۰۰۱۶	رنگ شناسی تخصصی لباس	۲۴۴۱۴۵۲	طاهره - بهروز زیارتی	طراحی و دوخت۲۴۳۲-کاردانی پیوسته	تخصصی	تئوری	یکشنبه	۱۴ تا ۱۶	۲۰۲
۲۴۴۰۰۱۷	مدل سازی لباس مجلسی	۲۴۴۱۴۵۳	طیبه - عالیزاده	طراحی و دوخت۲۴۳۲-کاردانی پیوسته	تخصصی	عملی	یکشنبه	۱۰ تا ۱۲	۲۰۱
۲۴۸۰۰۱۸	بافت	۲۴۸۰۰۲۰	مهین هرمند نجف آبادی	طراحی و دوخت۲۴۸۰-کارشناسی ناپیوسته	تخصصی	عملی	یکشنبه	۱۲ تا ۱۴	کارگاه چاپ
۲۴۸۰۰۲۱	دوخت لباس مجلسی	۲۴۸۰۰۲۳	فاطمه - علی پورخالقی	طراحی و دوخت۲۴۸۰-کارشناسی ناپیوسته	تخصصی	عملی	یکشنبه	۱۴ تا ۱۸	۲۰۱
۲۴۸۰۰۲۳	مولاژ (آنالیز روی مانکن)	۲۴۸۰۰۲۱	مهین هرمند نجف آبادی	طراحی و دوخت۲۴۸۰-کارشناسی ناپیوسته	تخصصی	عملی	یکشنبه	۸ تا ۱۲	۲۰۱
۱۸۴۰۰۲۱	مولاژ (کار روی مانکن)	۸۳۱۴	فاطمه - خضری	علمی - کاربردی تکنولوژی طراحی و دوخت ۱۸۴۳-کارشناسی ناپیوسته	تخصصی	تئوری/عملی	یکشنبه	۸ تا ۱۲	
d-bushehr.tvu.ac.ir
